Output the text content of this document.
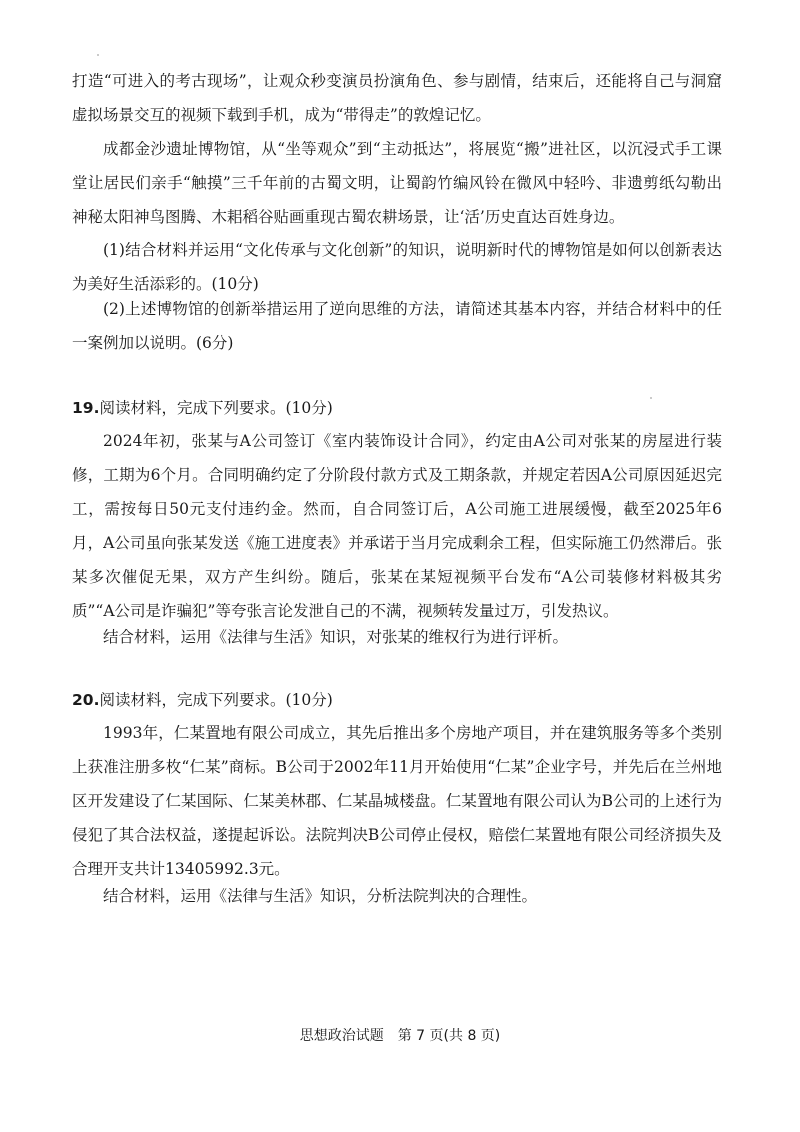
打造“可进入的考古现场”，让观众秒变演员扮演角色、参与剧情，结束后，还能将自己与洞窟虚拟场景交互的视频下载到手机，成为“带得走”的敦煌记忆。

成都金沙遗址博物馆，从“坐等观众”到“主动抵达”，将展览“搬”进社区，以沉浸式手工课堂让居民们亲手“触摸”三千年前的古蜀文明，让蜀韵竹编风铃在微风中轻吟、非遗剪纸勾勒出神秘太阳神鸟图腾、木耜稻谷贴画重现古蜀农耕场景，让‘活’历史直达百姓身边。

(1)结合材料并运用“文化传承与文化创新”的知识，说明新时代的博物馆是如何以创新表达为美好生活添彩的。(10分)

(2)上述博物馆的创新举措运用了逆向思维的方法，请简述其基本内容，并结合材料中的任一案例加以说明。(6分)

19.阅读材料，完成下列要求。(10分)

2024年初，张某与A公司签订《室内装饰设计合同》，约定由A公司对张某的房屋进行装修，工期为6个月。合同明确约定了分阶段付款方式及工期条款，并规定若因A公司原因延迟完工，需按每日50元支付违约金。然而，自合同签订后，A公司施工进展缓慢，截至2025年6月，A公司虽向张某发送《施工进度表》并承诺于当月完成剩余工程，但实际施工仍然滞后。张某多次催促无果，双方产生纠纷。随后，张某在某短视频平台发布“A公司装修材料极其劣质”“A公司是诈骗犯”等夸张言论发泄自己的不满，视频转发量过万，引发热议。

结合材料，运用《法律与生活》知识，对张某的维权行为进行评析。

20.阅读材料，完成下列要求。(10分)

1993年，仁某置地有限公司成立，其先后推出多个房地产项目，并在建筑服务等多个类别上获准注册多枚“仁某”商标。B公司于2002年11月开始使用“仁某”企业字号，并先后在兰州地区开发建设了仁某国际、仁某美林郡、仁某晶城楼盘。仁某置地有限公司认为B公司的上述行为侵犯了其合法权益，遂提起诉讼。法院判决B公司停止侵权，赔偿仁某置地有限公司经济损失及合理开支共计13405992.3元。

结合材料，运用《法律与生活》知识，分析法院判决的合理性。

思想政治试题　第 7 页(共 8 页)
